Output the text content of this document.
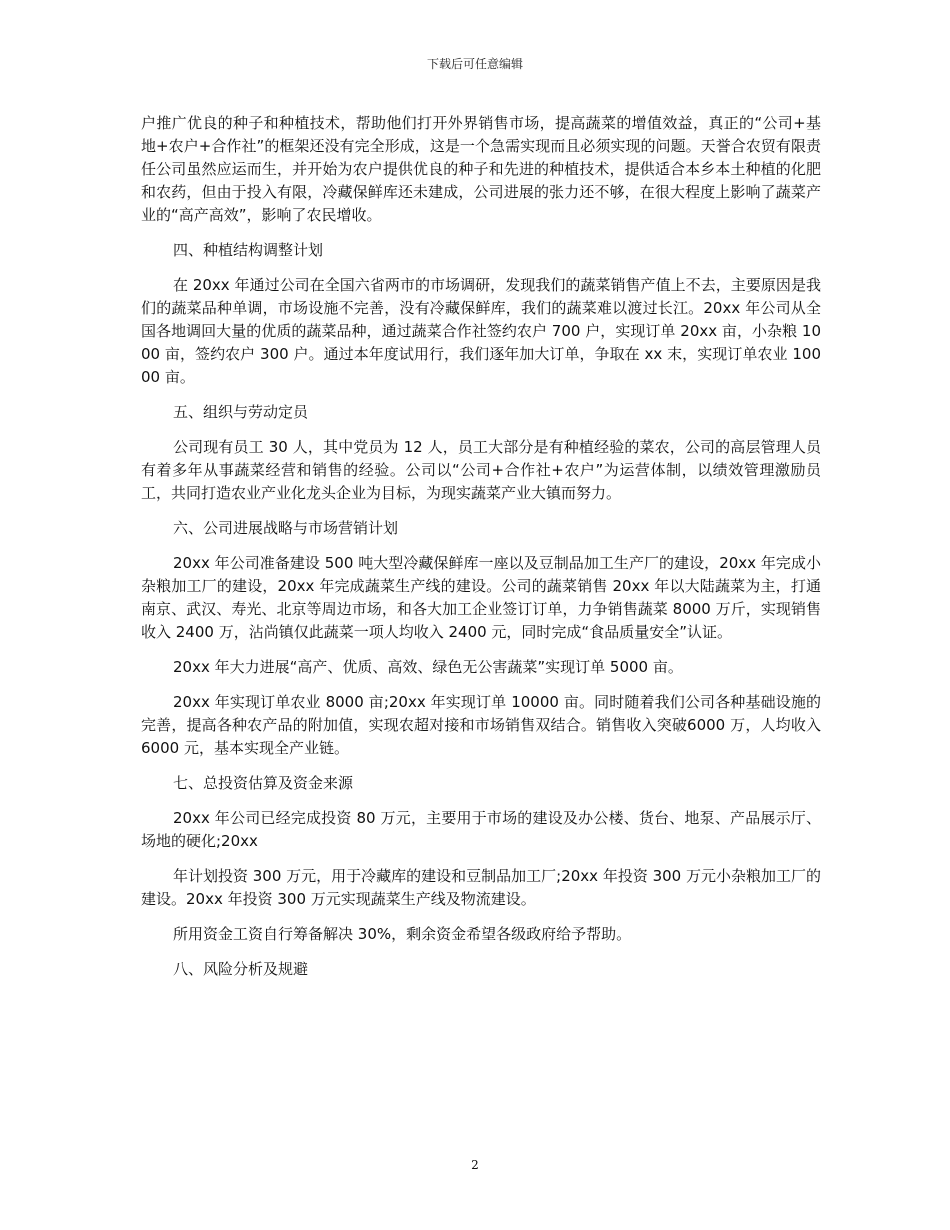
下载后可任意编辑

户推广优良的种子和种植技术，帮助他们打开外界销售市场，提高蔬菜的增值效益，真正的“公司+基地+农户+合作社”的框架还没有完全形成，这是一个急需实现而且必须实现的问题。天誉合农贸有限责任公司虽然应运而生，并开始为农户提供优良的种子和先进的种植技术，提供适合本乡本土种植的化肥和农药，但由于投入有限，冷藏保鲜库还未建成，公司进展的张力还不够，在很大程度上影响了蔬菜产业的“高产高效”，影响了农民增收。

四、种植结构调整计划

在 20xx 年通过公司在全国六省两市的市场调研，发现我们的蔬菜销售产值上不去，主要原因是我们的蔬菜品种单调，市场设施不完善，没有冷藏保鲜库，我们的蔬菜难以渡过长江。20xx 年公司从全国各地调回大量的优质的蔬菜品种，通过蔬菜合作社签约农户 700 户，实现订单 20xx 亩，小杂粮 1000 亩，签约农户 300 户。通过本年度试用行，我们逐年加大订单，争取在 xx 末，实现订单农业 10000 亩。

五、组织与劳动定员

公司现有员工 30 人，其中党员为 12 人，员工大部分是有种植经验的菜农，公司的高层管理人员有着多年从事蔬菜经营和销售的经验。公司以“公司+合作社+农户”为运营体制，以绩效管理激励员工，共同打造农业产业化龙头企业为目标，为现实蔬菜产业大镇而努力。

六、公司进展战略与市场营销计划

20xx 年公司准备建设 500 吨大型冷藏保鲜库一座以及豆制品加工生产厂的建设，20xx 年完成小杂粮加工厂的建设，20xx 年完成蔬菜生产线的建设。公司的蔬菜销售 20xx 年以大陆蔬菜为主，打通南京、武汉、寿光、北京等周边市场，和各大加工企业签订订单，力争销售蔬菜 8000 万斤，实现销售收入 2400 万，沾尚镇仅此蔬菜一项人均收入 2400 元，同时完成“食品质量安全”认证。

20xx 年大力进展“高产、优质、高效、绿色无公害蔬菜”实现订单 5000 亩。

20xx 年实现订单农业 8000 亩;20xx 年实现订单 10000 亩。同时随着我们公司各种基础设施的完善，提高各种农产品的附加值，实现农超对接和市场销售双结合。销售收入突破6000 万，人均收入 6000 元，基本实现全产业链。

七、总投资估算及资金来源

20xx 年公司已经完成投资 80 万元，主要用于市场的建设及办公楼、货台、地泵、产品展示厅、场地的硬化;20xx

年计划投资 300 万元，用于冷藏库的建设和豆制品加工厂;20xx 年投资 300 万元小杂粮加工厂的建设。20xx 年投资 300 万元实现蔬菜生产线及物流建设。

所用资金工资自行筹备解决 30%，剩余资金希望各级政府给予帮助。

八、风险分析及规避

2
